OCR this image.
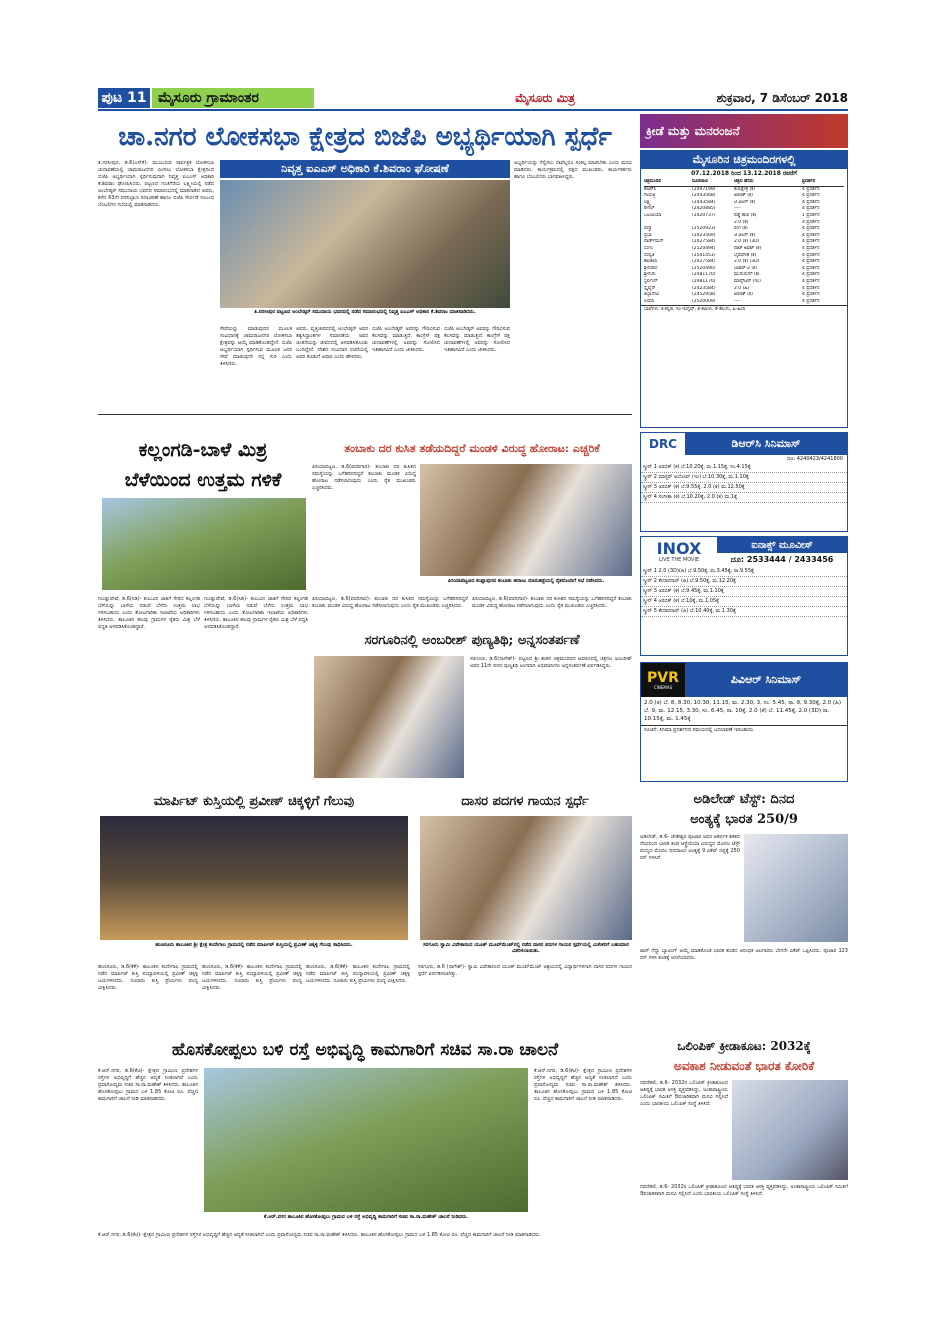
ಪುಟ 11 ಮೈಸೂರು ಗ್ರಾಮಾಂತರ	ಮೈಸೂರು ಮಿತ್ರ	ಶುಕ್ರವಾರ, 7 ಡಿಸೆಂಬರ್ 2018
ಚಾ.ನಗರ ಲೋಕಸಭಾ ಕ್ಷೇತ್ರದ ಬಿಜೆಪಿ ಅಭ್ಯರ್ಥಿಯಾಗಿ ಸ್ಪರ್ಧೆ

ತಿ.ನರಸೀಪುರ, ಡಿ.6(ಎಸ್‌ಕೆ)- ಮುಂಬರುವ ಸಾರ್ವತ್ರಿಕ ಲೋಕಸಭಾ ಚುನಾವಣೆಯಲ್ಲಿ ಚಾಮರಾಜನಗರ ಮೀಸಲು ಲೋಕಸಭಾ ಕ್ಷೇತ್ರದಿಂದ ಬಿಜೆಪಿ ಅಭ್ಯರ್ಥಿಯಾಗಿ ಸ್ಪರ್ಧಿಸುವುದಾಗಿ ನಿವೃತ್ತ ಐಎಎಸ್ ಅಧಿಕಾರಿ ಕೆ.ಶಿವರಾಂ ಘೋಷಿಸಿದರು. ಪಟ್ಟಣದ ಗಂಜಿಗೆರೆಯ ಲಕ್ಷ್ಮೀಯಲ್ಲಿ ನಡೆದ ಅಂಬೇಡ್ಕರ್ ಸಮುದಾಯ ಭವನದ ಸಮಾರಂಭದಲ್ಲಿ ಮಾತನಾಡಿದ ಅವರು, ಕಳೆದ 63ನೇ ಪರಿನಿಬ್ಬಾಣ ದಿನಾಚರಣೆ ಹಾಗೂ ಬಿಜೆಪಿ ಸೇರ್ಪಡೆ ಸಂಬಂಧ ಬೆಂಬಲಿಗರ ಸಭೆಯಲ್ಲಿ ಮಾತನಾಡಿದರು.

ನಿವೃತ್ತ ಐಎಎಸ್ ಅಧಿಕಾರಿ ಕೆ.ಶಿವರಾಂ ಘೋಷಣೆ
ತಿ.ನರಸೀಪುರ ಪಟ್ಟಣದ ಅಂಬೇಡ್ಕರ್ ಸಮುದಾಯ ಭವನದಲ್ಲಿ ನಡೆದ ಸಮಾರಂಭದಲ್ಲಿ ನಿವೃತ್ತ ಐಎಎಸ್ ಅಧಿಕಾರಿ ಕೆ.ಶಿವರಾಂ ಮಾತನಾಡಿದರು.

ಸೇವೆಯನ್ನು ಮಾಡುವುದರ ಮೂಲಕ ಸಂವಿಧಾನಕ್ಕೆ ಚಾಮರಾಜನಗರ ಲೋಕಸಭಾ ಕ್ಷೇತ್ರವನ್ನು ಆಯ್ಕೆ ಮಾಡಿಕೊಂಡಿದ್ದೇನೆ. ಬಿಜೆಪಿ ಅಭ್ಯರ್ಥಿಯಾಗಿ ಸ್ಪರ್ಧಿಸುವ ಮೂಲಕ ಜನರ ಸೇವೆ ಮಾಡುವುದೇ ನನ್ನ ಗುರಿ ಎಂದು ತಿಳಿಸಿದರು.

ಅವರು, ವೃತ್ತಿಜೀವನದಲ್ಲಿ ಅಂಬೇಡ್ಕರ್ ಅವರ ತತ್ವಸಿದ್ಧಾಂತಗಳ ಸಮಾನತೆಯ ಅವರ ಚಿಂತನೆಯನ್ನು ಜೀವನದಲ್ಲಿ ಅಳವಡಿಸಿಕೊಂಡು ಬಂದಿದ್ದೇನೆ. ದೇಶದ ಸಂವಿಧಾನ ರಚನೆಯಲ್ಲಿ ಅವರ ಕೊಡುಗೆ ಅಪಾರ ಎಂದು ಹೇಳಿದರು.

ಬಿಜೆಪಿ ಅಂಬೇಡ್ಕರ್ ಅವರನ್ನು ಗೌರವಿಸುವ ಕೆಲಸವನ್ನು ಮಾಡುತ್ತಿದೆ. ಕಾಂಗ್ರೆಸ್ ಪಕ್ಷ ಚುನಾವಣೆಗಳಲ್ಲಿ ಅವರನ್ನು ಸೋಲಿಸಿದ ಇತಿಹಾಸವಿದೆ ಎಂದು ಟೀಕಿಸಿದರು.

ಬಿಜೆಪಿ ಅಂಬೇಡ್ಕರ್ ಅವರನ್ನು ಗೌರವಿಸುವ ಕೆಲಸವನ್ನು ಮಾಡುತ್ತಿದೆ. ಕಾಂಗ್ರೆಸ್ ಪಕ್ಷ ಚುನಾವಣೆಗಳಲ್ಲಿ ಅವರನ್ನು ಸೋಲಿಸಿದ ಇತಿಹಾಸವಿದೆ ಎಂದು ಟೀಕಿಸಿದರು.

ಅಭ್ಯರ್ಥಿಯನ್ನು ಗೆಲ್ಲಿಸಲು ನಾವೆಲ್ಲರೂ ಸಂಕಲ್ಪ ಮಾಡಬೇಕು ಎಂದು ಮನವಿ ಮಾಡಿದರು. ಕಾರ್ಯಕ್ರಮದಲ್ಲಿ ಪಕ್ಷದ ಮುಖಂಡರು, ಕಾರ್ಯಕರ್ತರು ಹಾಗೂ ಬೆಂಬಲಿಗರು ಭಾಗವಹಿಸಿದ್ದರು.

ಕಲ್ಲಂಗಡಿ-ಬಾಳೆ ಮಿಶ್ರ
ಬೆಳೆಯಿಂದ ಉತ್ತಮ ಗಳಿಕೆ

ಗುಂಡ್ಲುಪೇಟೆ, ಡಿ.6(ಸಿಡಿ)- ಕುಲುವಿನ ಜಾತಿಗೆ ಸೇರಿದ ಕಲ್ಲಂಗಡಿ ಬೆಳೆಯನ್ನು ಬಾಳೆಯ ನಡುವೆ ಬೆಳೆದು ಉತ್ತಮ ಲಾಭ ಗಳಿಸಬಹುದು ಎಂದು ತೋಟಗಾರಿಕಾ ಇಲಾಖೆಯ ಅಧಿಕಾರಿಗಳು ತಿಳಿಸಿದರು. ತಾಲೂಕಿನ ಹಲವು ಗ್ರಾಮಗಳ ರೈತರು ಮಿಶ್ರ ಬೆಳೆ ಪದ್ಧತಿ ಅಳವಡಿಸಿಕೊಂಡಿದ್ದಾರೆ.

ಗುಂಡ್ಲುಪೇಟೆ, ಡಿ.6(ಸಿಡಿ)- ಕುಲುವಿನ ಜಾತಿಗೆ ಸೇರಿದ ಕಲ್ಲಂಗಡಿ ಬೆಳೆಯನ್ನು ಬಾಳೆಯ ನಡುವೆ ಬೆಳೆದು ಉತ್ತಮ ಲಾಭ ಗಳಿಸಬಹುದು ಎಂದು ತೋಟಗಾರಿಕಾ ಇಲಾಖೆಯ ಅಧಿಕಾರಿಗಳು ತಿಳಿಸಿದರು. ತಾಲೂಕಿನ ಹಲವು ಗ್ರಾಮಗಳ ರೈತರು ಮಿಶ್ರ ಬೆಳೆ ಪದ್ಧತಿ ಅಳವಡಿಸಿಕೊಂಡಿದ್ದಾರೆ.

ತಂಬಾಕು ದರ ಕುಸಿತ ತಡೆಯದಿದ್ದರೆ ಮಂಡಳಿ ವಿರುದ್ಧ ಹೋರಾಟ: ಎಚ್ಚರಿಕೆ

ಪಿರಿಯಾಪಟ್ಟಣ, ಡಿ.6(ವರದಿಗಾರ)- ತಂಬಾಕು ದರ ಕುಸಿತದ ಸಮಸ್ಯೆಯನ್ನು ಬಗೆಹರಿಸದಿದ್ದರೆ ತಂಬಾಕು ಮಂಡಳಿ ವಿರುದ್ಧ ಹೋರಾಟ ನಡೆಸಲಾಗುವುದು ಎಂದು ರೈತ ಮುಖಂಡರು ಎಚ್ಚರಿಸಿದರು.

ಪಿರಿಯಾಪಟ್ಟಣದ ಕಂಪ್ಲಾಪುರದ ತಂಬಾಕು ಹರಾಜು ಮಾರುಕಟ್ಟೆಯಲ್ಲಿ ರೈತರೊಂದಿಗೆ ಸಭೆ ನಡೆಸಿದರು.

ಪಿರಿಯಾಪಟ್ಟಣ, ಡಿ.6(ವರದಿಗಾರ)- ತಂಬಾಕು ದರ ಕುಸಿತದ ಸಮಸ್ಯೆಯನ್ನು ಬಗೆಹರಿಸದಿದ್ದರೆ ತಂಬಾಕು ಮಂಡಳಿ ವಿರುದ್ಧ ಹೋರಾಟ ನಡೆಸಲಾಗುವುದು ಎಂದು ರೈತ ಮುಖಂಡರು ಎಚ್ಚರಿಸಿದರು.

ಪಿರಿಯಾಪಟ್ಟಣ, ಡಿ.6(ವರದಿಗಾರ)- ತಂಬಾಕು ದರ ಕುಸಿತದ ಸಮಸ್ಯೆಯನ್ನು ಬಗೆಹರಿಸದಿದ್ದರೆ ತಂಬಾಕು ಮಂಡಳಿ ವಿರುದ್ಧ ಹೋರಾಟ ನಡೆಸಲಾಗುವುದು ಎಂದು ರೈತ ಮುಖಂಡರು ಎಚ್ಚರಿಸಿದರು.

ಸರಗೂರಿನಲ್ಲಿ ಅಂಬರೀಶ್ ಪುಣ್ಯತಿಥಿ; ಅನ್ನಸಂತರ್ಪಣೆ

ಸರಗೂರು, ಡಿ.6(ನಾಗೇಶ್)- ಪಟ್ಟಣದ ಶ್ರೀ ಶಂಕರ ಚಿತ್ರಮಂದಿರದ ಆವರಣದಲ್ಲಿ ಚಿತ್ರನಟ ಅಂಬರೀಶ್ ಅವರ 11ನೇ ದಿನದ ಪುಣ್ಯತಿಥಿ ಅಂಗವಾಗಿ ಅಭಿಮಾನಿಗಳು ಅನ್ನಸಂತರ್ಪಣೆ ಏರ್ಪಡಿಸಿದ್ದರು.

ಮಾರ್ಪಿಟ್ ಕುಸ್ತಿಯಲ್ಲಿ ಪ್ರವೀಣ್ ಚಿಕ್ಕಳ್ಳಿಗೆ ಗೆಲುವು
ಹುಣಸೂರು ತಾಲೂಕಿನ ಶ್ರೀ ಕ್ಷೇತ್ರ ಕಂದೇಗಾಲ ಗ್ರಾಮದಲ್ಲಿ ನಡೆದ ಮಾರ್ಪಿಟ್ ಕುಸ್ತಿಯಲ್ಲಿ ಪ್ರವೀಣ್ ಚಿಕ್ಕಳ್ಳಿ ಗೆಲುವು ಸಾಧಿಸಿದರು.

ಹುಣಸೂರು, ಡಿ.6(ಕೆಕೆ)- ತಾಲೂಕಿನ ಕಂದೇಗಾಲ ಗ್ರಾಮದಲ್ಲಿ ನಡೆದ ಮಾರ್ಪಿಟ್ ಕುಸ್ತಿ ಪಂದ್ಯಾವಳಿಯಲ್ಲಿ ಪ್ರವೀಣ್ ಚಿಕ್ಕಳ್ಳಿ ಜಯಗಳಿಸಿದರು. ನೂರಾರು ಕುಸ್ತಿ ಪ್ರೇಮಿಗಳು ಪಂದ್ಯ ವೀಕ್ಷಿಸಿದರು.

ಹುಣಸೂರು, ಡಿ.6(ಕೆಕೆ)- ತಾಲೂಕಿನ ಕಂದೇಗಾಲ ಗ್ರಾಮದಲ್ಲಿ ನಡೆದ ಮಾರ್ಪಿಟ್ ಕುಸ್ತಿ ಪಂದ್ಯಾವಳಿಯಲ್ಲಿ ಪ್ರವೀಣ್ ಚಿಕ್ಕಳ್ಳಿ ಜಯಗಳಿಸಿದರು. ನೂರಾರು ಕುಸ್ತಿ ಪ್ರೇಮಿಗಳು ಪಂದ್ಯ ವೀಕ್ಷಿಸಿದರು.

ಹುಣಸೂರು, ಡಿ.6(ಕೆಕೆ)- ತಾಲೂಕಿನ ಕಂದೇಗಾಲ ಗ್ರಾಮದಲ್ಲಿ ನಡೆದ ಮಾರ್ಪಿಟ್ ಕುಸ್ತಿ ಪಂದ್ಯಾವಳಿಯಲ್ಲಿ ಪ್ರವೀಣ್ ಚಿಕ್ಕಳ್ಳಿ ಜಯಗಳಿಸಿದರು. ನೂರಾರು ಕುಸ್ತಿ ಪ್ರೇಮಿಗಳು ಪಂದ್ಯ ವೀಕ್ಷಿಸಿದರು.

ದಾಸರ ಪದಗಳ ಗಾಯನ ಸ್ಪರ್ಧೆ
ಸರಗೂರು ಸ್ವಾಮಿ ವಿವೇಕಾನಂದ ಯೂತ್ ಮೂವ್‌ಮೆಂಟ್‌ನಲ್ಲಿ ನಡೆದ ದಾಸರ ಪದಗಳ ಗಾಯನ ಸ್ಪರ್ಧೆಯಲ್ಲಿ ವಿಜೇತರಿಗೆ ಬಹುಮಾನ ವಿತರಿಸಲಾಯಿತು.

ಸರಗೂರು, ಡಿ.6 (ನಾಗೇಶ್)- ಸ್ವಾಮಿ ವಿವೇಕಾನಂದ ಯೂತ್ ಮೂವ್‌ಮೆಂಟ್ ಆಶ್ರಯದಲ್ಲಿ ವಿದ್ಯಾರ್ಥಿಗಳಿಗಾಗಿ ದಾಸರ ಪದಗಳ ಗಾಯನ ಸ್ಪರ್ಧೆ ಏರ್ಪಡಿಸಲಾಗಿತ್ತು.

ಹೊಸಕೋಪ್ಪಲು ಬಳಿ ರಸ್ತೆ ಅಭಿವೃದ್ಧಿ ಕಾಮಗಾರಿಗೆ ಸಚಿವ ಸಾ.ರಾ ಚಾಲನೆ

ಕೆ.ಆರ್.ನಗರ, ಡಿ.6(ಕೆಟಿ)- ಕ್ಷೇತ್ರದ ಗ್ರಾಮೀಣ ಪ್ರದೇಶಗಳ ರಸ್ತೆಗಳ ಅಭಿವೃದ್ಧಿಗೆ ಹೆಚ್ಚಿನ ಆದ್ಯತೆ ನೀಡಲಾಗಿದೆ ಎಂದು ಪ್ರವಾಸೋದ್ಯಮ ಸಚಿವ ಸಾ.ರಾ.ಮಹೇಶ್ ತಿಳಿಸಿದರು. ತಾಲೂಕಿನ ಹೊಸಕೋಪ್ಪಲು ಗ್ರಾಮದ ಬಳಿ 1.85 ಕೋಟಿ ರೂ. ವೆಚ್ಚದ ಕಾಮಗಾರಿಗೆ ಚಾಲನೆ ನೀಡಿ ಮಾತನಾಡಿದರು.

ಕೆ.ಆರ್.ನಗರ ತಾಲೂಕಿನ ಹೊಸಕೋಪ್ಪಲು ಗ್ರಾಮದ ಬಳಿ ರಸ್ತೆ ಅಭಿವೃದ್ಧಿ ಕಾಮಗಾರಿಗೆ ಸಚಿವ ಸಾ.ರಾ.ಮಹೇಶ್ ಚಾಲನೆ ನೀಡಿದರು.

ಕೆ.ಆರ್.ನಗರ, ಡಿ.6(ಕೆಟಿ)- ಕ್ಷೇತ್ರದ ಗ್ರಾಮೀಣ ಪ್ರದೇಶಗಳ ರಸ್ತೆಗಳ ಅಭಿವೃದ್ಧಿಗೆ ಹೆಚ್ಚಿನ ಆದ್ಯತೆ ನೀಡಲಾಗಿದೆ ಎಂದು ಪ್ರವಾಸೋದ್ಯಮ ಸಚಿವ ಸಾ.ರಾ.ಮಹೇಶ್ ತಿಳಿಸಿದರು. ತಾಲೂಕಿನ ಹೊಸಕೋಪ್ಪಲು ಗ್ರಾಮದ ಬಳಿ 1.85 ಕೋಟಿ ರೂ. ವೆಚ್ಚದ ಕಾಮಗಾರಿಗೆ ಚಾಲನೆ ನೀಡಿ ಮಾತನಾಡಿದರು.

ಕೆ.ಆರ್.ನಗರ, ಡಿ.6(ಕೆಟಿ)- ಕ್ಷೇತ್ರದ ಗ್ರಾಮೀಣ ಪ್ರದೇಶಗಳ ರಸ್ತೆಗಳ ಅಭಿವೃದ್ಧಿಗೆ ಹೆಚ್ಚಿನ ಆದ್ಯತೆ ನೀಡಲಾಗಿದೆ ಎಂದು ಪ್ರವಾಸೋದ್ಯಮ ಸಚಿವ ಸಾ.ರಾ.ಮಹೇಶ್ ತಿಳಿಸಿದರು. ತಾಲೂಕಿನ ಹೊಸಕೋಪ್ಪಲು ಗ್ರಾಮದ ಬಳಿ 1.85 ಕೋಟಿ ರೂ. ವೆಚ್ಚದ ಕಾಮಗಾರಿಗೆ ಚಾಲನೆ ನೀಡಿ ಮಾತನಾಡಿದರು.

ಕ್ರೀಡೆ ಮತ್ತು ಮನರಂಜನೆ
ಮೈಸೂರಿನ ಚಿತ್ರಮಂದಿರಗಳಲ್ಲಿ
07.12.2018 ರಿಂದ 13.12.2018 ರವರೆಗೆ
ಚಿತ್ರಮಂದಿರ	ದೂರವಾಣಿ	ಚಿತ್ರದ ಹೆಸರು	ಪ್ರದರ್ಶನ
ಡಿಆರ್‌ಸಿ	(2497199)	ಕುರುಕ್ಷೇತ್ರ (ಕ)	4 ಪ್ರದರ್ಶನ
ಗಾಯತ್ರಿ	(2443568)	ಅರಬಿಕ್ (ಕ)	4 ಪ್ರದರ್ಶನ
ಲಕ್ಷ್ಮಿ	(2443584)	ಟಿ ವಿಲನ್ (ಕ)	4 ಪ್ರದರ್ಶನ
ರೀಗಲ್	(2420885)	----	4 ಪ್ರದರ್ಶನ
ಒಲಂಪಿಯಾ	(2420737)	ಪಡ್ಡೆ ಹುಲಿ (ಕ)	1 ಪ್ರದರ್ಶನ
2.0 (ತ)	4 ಪ್ರದರ್ಶನ
ಪದ್ಮಾ	(2520923)	ರಂಗ (ಕ)	4 ಪ್ರದರ್ಶನ
ಪ್ರಭಾ	(2423569)	ಟಿ ವಿಲನ್ (ಕ)	4 ಪ್ರದರ್ಶನ
ವಾರ್ಡ್‌ಮನ್	(2427584)	2.0 (ಕ) (3D)	4 ಪ್ರದರ್ಶನ
ಸಂಗಂ	(2520494)	ನಾಟ್ ಅವಟ್ (ಕ)	4 ಪ್ರದರ್ಶನ
ಸರಸ್ವತಿ	(2541451)	ಭೈರವಗೀತ (ಕ)	4 ಪ್ರದರ್ಶನ
ಶಾಂತಲಾ	(2427584)	2.0 (ಕ) (3D)	4 ಪ್ರದರ್ಶನ
ಶ್ರೀನಿವಾಸ	(2520490)	ಬಜಾರ್-2 (ಕ)	4 ಪ್ರದರ್ಶನ
ಶ್ರೀಗುರು	(2481170)	ಮುಗುಳುನಗೆ (ಕ)	4 ಪ್ರದರ್ಶನ
ಸ್ಟರ್ಲಿಂಗ್	(2481170)	ಮಾನ್ಸ್‌ಟರ್ (ಇಂ)	4 ಪ್ರದರ್ಶನ
ಸ್ಕೈಲೈನ್	(2423584)	2.0 (ಹಿ)	4 ಪ್ರದರ್ಶನ
ತಿಬ್ಬಾದೇವಿ	(2452958)	ಅರಬಿಕ್ (ಕ)	4 ಪ್ರದರ್ಶನ
ಉಮಾ	(2520009)	----	4 ಪ್ರದರ್ಶನ
ಭಾಷೆಗಳು: ಕ-ಕನ್ನಡ, ಇಂ-ಇಂಗ್ಲಿಷ್, ತ-ತಮಿಳು, ತೆ-ತೆಲುಗು, ಹಿ-ಹಿಂದಿ
DRC	ಡಿಆರ್‌ಸಿ ಸಿನಿಮಾಸ್
ದೂ: 4240423/4241800
ಸ್ಕ್ರೀನ್ 1 ಅರಬಿಕ್ (ಕ) ಬೆ.10.20ಕ್ಕೆ, ಮ.1.15ಕ್ಕೆ, ಸಂ.4.15ಕ್ಕೆ
ಸ್ಕ್ರೀನ್ 2 ಮಾಸ್ಟರ್ ಅಬೋವ್ (ಇಂ) ಬೆ.10.30ಕ್ಕೆ, ಮ.1.10ಕ್ಕೆ
ಸ್ಕ್ರೀನ್ 3 ಅರಬಿಕ್ (ಕ) ಬೆ.9.55ಕ್ಕೆ, 2.0 (ತ) ಮ.12.50ಕ್ಕೆ
ಸ್ಕ್ರೀನ್ 4 ಸಂಗೀತಾ (ಕ) ಬೆ.10.20ಕ್ಕೆ, 2.0 (ತ) ಮ.1ಕ್ಕೆ
INOX
LIVE THE MOVIE
ಐನಾಕ್ಸ್ ಮೂವೀಸ್
ದೂ: 2533444 / 2433456
ಸ್ಕ್ರೀನ್ 1 2.0 (3D)(ಹಿ) ಬೆ.9.50ಕ್ಕೆ, ಮ.3.45ಕ್ಕೆ, ರಾ.9.55ಕ್ಕೆ
ಸ್ಕ್ರೀನ್ 2 ಕೇದಾರನಾಥ್ (ಹಿ) ಬೆ.9.50ಕ್ಕೆ, ಮ.12.20ಕ್ಕೆ
ಸ್ಕ್ರೀನ್ 3 ಅರಬಿಕ್ (ಕ) ಬೆ.9.45ಕ್ಕೆ, ಮ.1.10ಕ್ಕೆ
ಸ್ಕ್ರೀನ್ 4 ಅರಬಿಕ್ (ಕ) ಬೆ.10ಕ್ಕೆ, ಮ.1.05ಕ್ಕೆ
ಸ್ಕ್ರೀನ್ 5 ಕೇದಾರನಾಥ್ (ಹಿ) ಬೆ.10.40ಕ್ಕೆ, ಮ.1.30ಕ್ಕೆ
PVR
CINEMAS
ಪಿವಿಆರ್ ಸಿನಿಮಾಸ್
2.0 (ತ) ಬೆ. 8, 8.30, 10.30, 11.15, ಮ. 2.30, 3, ಸಂ. 5.45, ರಾ. 9, 9.30ಕ್ಕೆ, 2.0 (ಹಿ) ಬೆ. 9, ಮ. 12.15, 3.30, ಸಂ. 6.45, ರಾ. 10ಕ್ಕೆ, 2.0 (ತೆ) ಬೆ. 11.45ಕ್ಕೆ, 2.0 (3D) ರಾ. 10.15ಕ್ಕೆ, ಮ. 1.45ಕ್ಕೆ
ಸೂಚನೆ: ಸಿನಿಮಾ ಪ್ರದರ್ಶನದ ಸಮಯದಲ್ಲಿ ಬದಲಾವಣೆ ಇರಬಹುದು.
ಅಡಿಲೇಡ್ ಟೆಸ್ಟ್: ದಿನದ
ಅಂತ್ಯಕ್ಕೆ ಭಾರತ 250/9

ಅಡಿಲೇಡ್, ಡಿ.6- ಚೇತೇಶ್ವರ ಪೂಜಾರ ಅವರ ಆಕರ್ಷಕ ಶತಕದ ನೆರವಿನಿಂದ ಭಾರತ ತಂಡ ಆಸ್ಟ್ರೇಲಿಯಾ ವಿರುದ್ಧದ ಮೊದಲ ಟೆಸ್ಟ್ ಪಂದ್ಯದ ಮೊದಲ ದಿನದಾಟದ ಅಂತ್ಯಕ್ಕೆ 9 ವಿಕೆಟ್ ನಷ್ಟಕ್ಕೆ 250 ರನ್ ಗಳಿಸಿದೆ.

ಟಾಸ್ ಗೆದ್ದು ಬ್ಯಾಟಿಂಗ್ ಆಯ್ಕೆ ಮಾಡಿಕೊಂಡ ಭಾರತ ತಂಡದ ಆರಂಭಿಕ ಆಟಗಾರರು ಬೇಗನೇ ವಿಕೆಟ್ ಒಪ್ಪಿಸಿದರು. ಪೂಜಾರ 123 ರನ್ ಗಳಿಸಿ ತಂಡಕ್ಕೆ ಆಸರೆಯಾದರು.

ಒಲಿಂಪಿಕ್ ಕ್ರೀಡಾಕೂಟ: 2032ಕ್ಕೆ
ಅವಕಾಶ ನೀಡುವಂತೆ ಭಾರತ ಕೋರಿಕೆ

ನವದೆಹಲಿ, ಡಿ.6- 2032ರ ಒಲಿಂಪಿಕ್ ಕ್ರೀಡಾಕೂಟದ ಆತಿಥ್ಯಕ್ಕೆ ಭಾರತ ಆಸಕ್ತಿ ವ್ಯಕ್ತಪಡಿಸಿದ್ದು, ಅಂತಾರಾಷ್ಟ್ರೀಯ ಒಲಿಂಪಿಕ್ ಸಮಿತಿಗೆ ಔಪಚಾರಿಕವಾಗಿ ಮನವಿ ಸಲ್ಲಿಸಿದೆ ಎಂದು ಭಾರತೀಯ ಒಲಿಂಪಿಕ್ ಸಂಸ್ಥೆ ತಿಳಿಸಿದೆ.

ನವದೆಹಲಿ, ಡಿ.6- 2032ರ ಒಲಿಂಪಿಕ್ ಕ್ರೀಡಾಕೂಟದ ಆತಿಥ್ಯಕ್ಕೆ ಭಾರತ ಆಸಕ್ತಿ ವ್ಯಕ್ತಪಡಿಸಿದ್ದು, ಅಂತಾರಾಷ್ಟ್ರೀಯ ಒಲಿಂಪಿಕ್ ಸಮಿತಿಗೆ ಔಪಚಾರಿಕವಾಗಿ ಮನವಿ ಸಲ್ಲಿಸಿದೆ ಎಂದು ಭಾರತೀಯ ಒಲಿಂಪಿಕ್ ಸಂಸ್ಥೆ ತಿಳಿಸಿದೆ.
